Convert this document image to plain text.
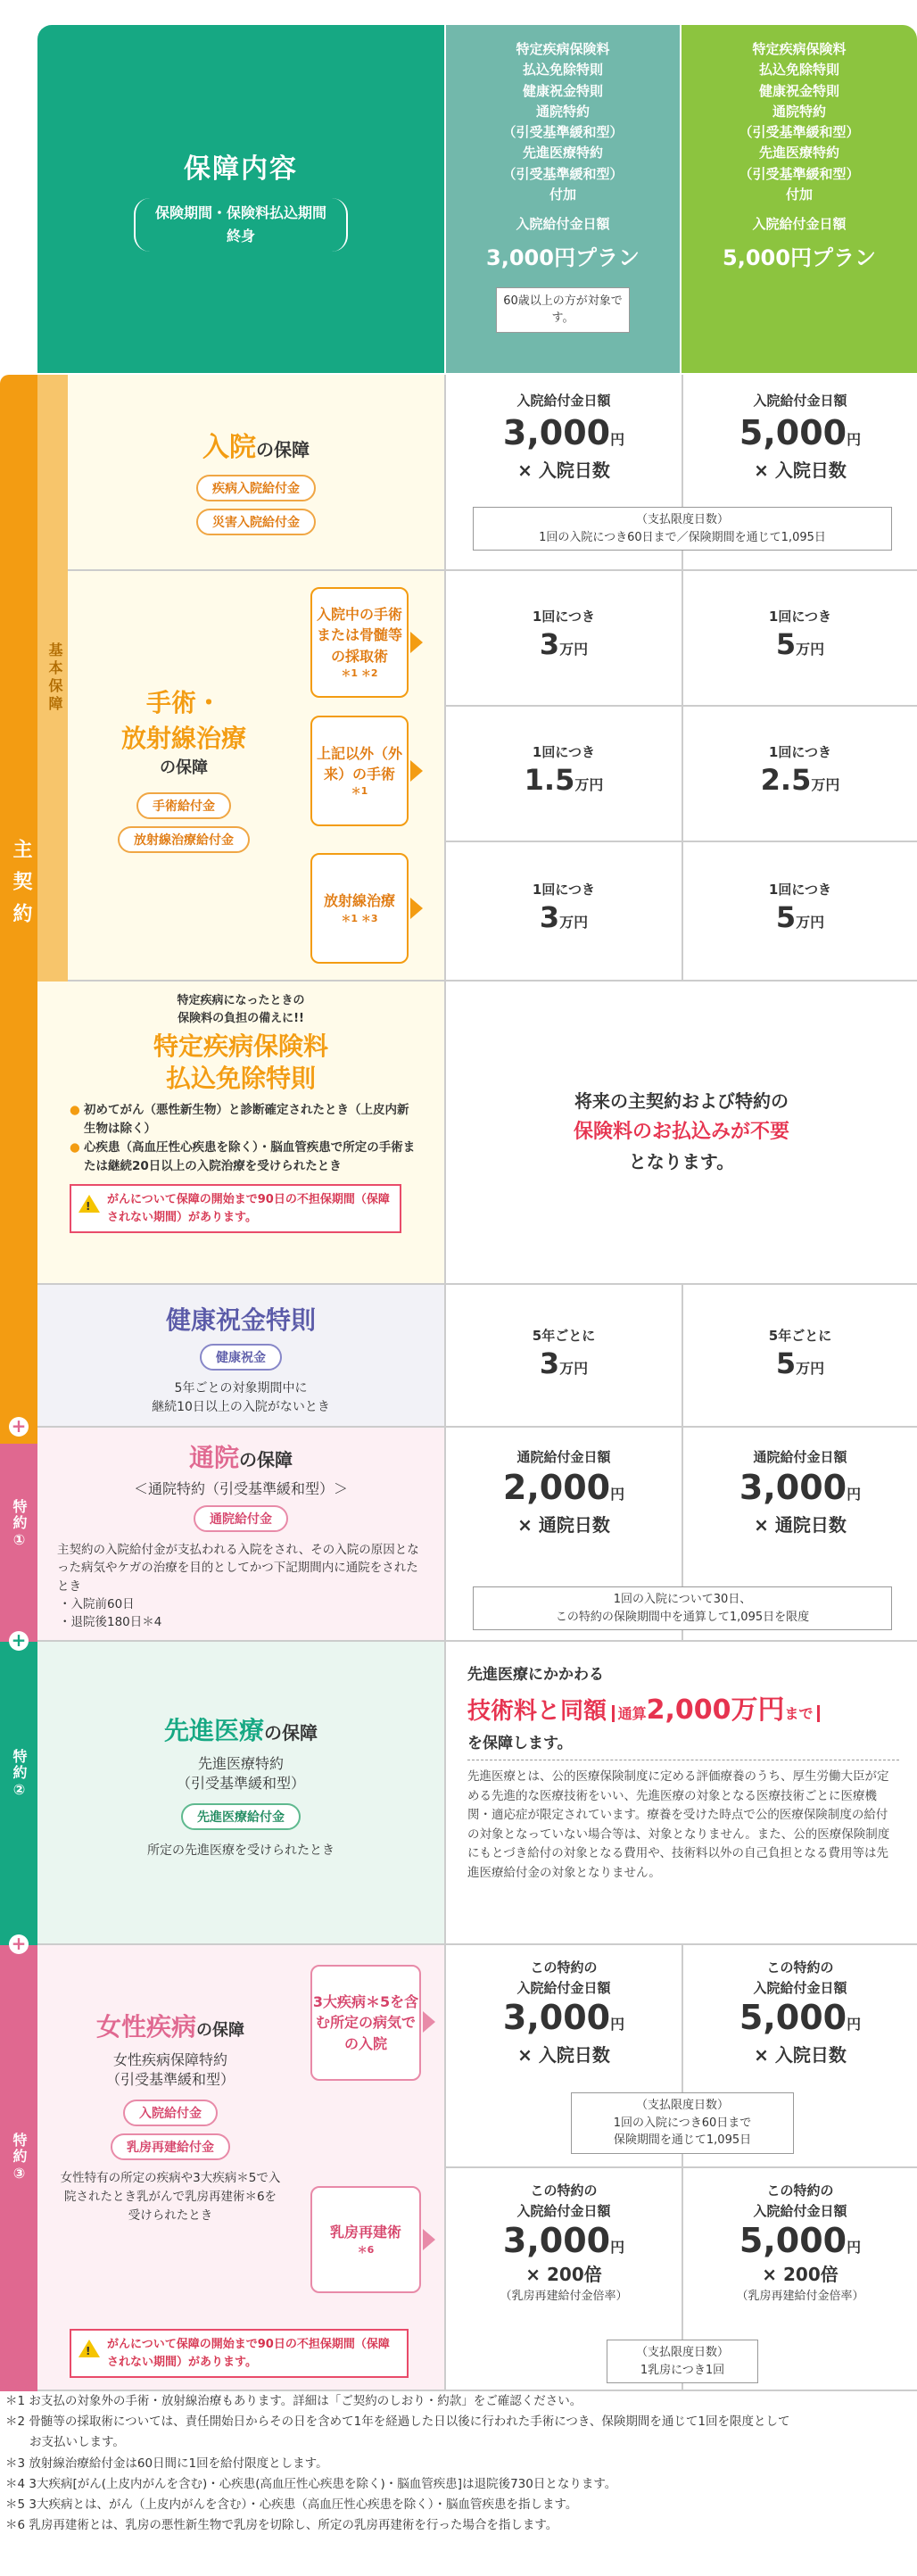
保障内容
保険期間・保険料払込期間
終身
特定疾病保険料
払込免除特則
健康祝金特則
通院特約
（引受基準緩和型）
先進医療特約
（引受基準緩和型）
付加
入院給付金日額
3,000円プラン
60歳以上の方が対象です。
特定疾病保険料
払込免除特則
健康祝金特則
通院特約
（引受基準緩和型）
先進医療特約
（引受基準緩和型）
付加
入院給付金日額
5,000円プラン
主契約
基本保障
入院の保障
疾病入院給付金
災害入院給付金
入院給付金日額
3,000円
× 入院日数
入院給付金日額
5,000円
× 入院日数
（支払限度日数）
1回の入院につき60日まで／保険期間を通じて1,095日
手術・
放射線治療
の保障
手術給付金
放射線治療給付金
入院中の手術または骨髄等の採取術
＊1 ＊2
上記以外（外来）の手術
＊1
放射線治療
＊1 ＊3
1回につき
3万円
1回につき
5万円
1回につき
1.5万円
1回につき
2.5万円
1回につき
3万円
1回につき
5万円
特定疾病になったときの
保険料の負担の備えに!!
特定疾病保険料
払込免除特則
● 初めてがん（悪性新生物）と診断確定されたとき（上皮内新生物は除く）
● 心疾患（高血圧性心疾患を除く）・脳血管疾患で所定の手術または継続20日以上の入院治療を受けられたとき
! がんについて保障の開始まで90日の不担保期間（保障されない期間）があります。
将来の主契約および特約の
保険料のお払込みが不要
となります。
健康祝金特則
健康祝金
5年ごとの対象期間中に
継続10日以上の入院がないとき
5年ごとに
3万円
5年ごとに
5万円
+
特約①
通院の保障
＜通院特約（引受基準緩和型）＞
通院給付金
主契約の入院給付金が支払われる入院をされ、その入院の原因となった病気やケガの治療を目的としてかつ下記期間内に通院をされたとき
・入院前60日
・退院後180日＊4
通院給付金日額
2,000円
× 通院日数
通院給付金日額
3,000円
× 通院日数
1回の入院について30日、
この特約の保険期間中を通算して1,095日を限度
+
特約②
先進医療の保障
先進医療特約
（引受基準緩和型）
先進医療給付金
所定の先進医療を受けられたとき
先進医療にかかわる
技術料と同額 通算2,000万円まで
を保障します。
先進医療とは、公的医療保険制度に定める評価療養のうち、厚生労働大臣が定める先進的な医療技術をいい、先進医療の対象となる医療技術ごとに医療機関・適応症が限定されています。療養を受けた時点で公的医療保険制度の給付の対象となっていない場合等は、対象となりません。また、公的医療保険制度にもとづき給付の対象となる費用や、技術料以外の自己負担となる費用等は先進医療給付金の対象となりません。
+
特約③
女性疾病の保障
女性疾病保障特約
（引受基準緩和型）
入院給付金
乳房再建給付金
女性特有の所定の疾病や3大疾病＊5で入院されたとき乳がんで乳房再建術＊6を受けられたとき
3大疾病＊5を含む所定の病気での入院
乳房再建術
＊6
! がんについて保障の開始まで90日の不担保期間（保障されない期間）があります。
この特約の
入院給付金日額
3,000円
× 入院日数
この特約の
入院給付金日額
5,000円
× 入院日数
（支払限度日数）
1回の入院につき60日まで
保険期間を通じて1,095日
この特約の
入院給付金日額
3,000円
× 200倍
（乳房再建給付金倍率）
この特約の
入院給付金日額
5,000円
× 200倍
（乳房再建給付金倍率）
（支払限度日数）
1乳房につき1回
＊1 お支払の対象外の手術・放射線治療もあります。詳細は「ご契約のしおり・約款」をご確認ください。
＊2 骨髄等の採取術については、責任開始日からその日を含めて1年を経過した日以後に行われた手術につき、保険期間を通じて1回を限度として
　　お支払いします。
＊3 放射線治療給付金は60日間に1回を給付限度とします。
＊4 3大疾病[がん(上皮内がんを含む)・心疾患(高血圧性心疾患を除く)・脳血管疾患]は退院後730日となります。
＊5 3大疾病とは、がん（上皮内がんを含む）・心疾患（高血圧性心疾患を除く）・脳血管疾患を指します。
＊6 乳房再建術とは、乳房の悪性新生物で乳房を切除し、所定の乳房再建術を行った場合を指します。
